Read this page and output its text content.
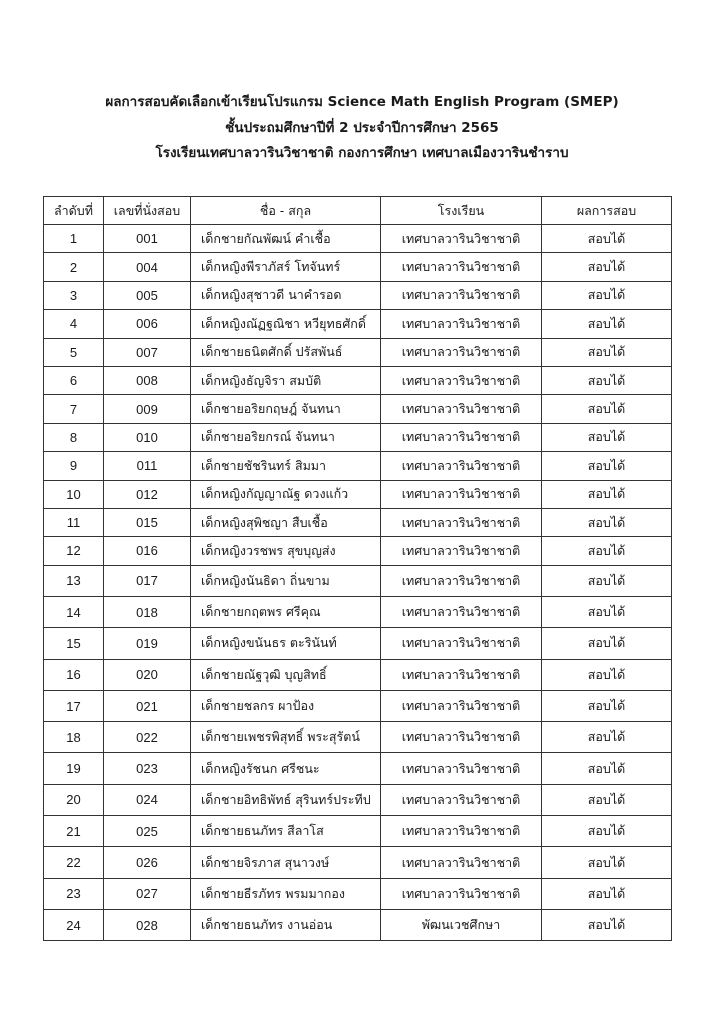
ผลการสอบคัดเลือกเข้าเรียนโปรแกรม Science Math English Program (SMEP)
ชั้นประถมศึกษาปีที่ 2 ประจำปีการศึกษา 2565
โรงเรียนเทศบาลวารินวิชาชาติ กองการศึกษา เทศบาลเมืองวารินชำราบ
ลำดับที่	เลขที่นั่งสอบ	ชื่อ - สกุล	โรงเรียน	ผลการสอบ
1	001	เด็กชายกัณพัฒน์ คำเชื้อ	เทศบาลวารินวิชาชาติ	สอบได้
2	004	เด็กหญิงพีราภัสร์ โทจันทร์	เทศบาลวารินวิชาชาติ	สอบได้
3	005	เด็กหญิงสุชาวดี นาคำรอด	เทศบาลวารินวิชาชาติ	สอบได้
4	006	เด็กหญิงณัฏฐณิชา หวียุทธศักดิ์	เทศบาลวารินวิชาชาติ	สอบได้
5	007	เด็กชายธนิตศักดิ์ ปรัสพันธ์	เทศบาลวารินวิชาชาติ	สอบได้
6	008	เด็กหญิงธัญจิรา สมบัติ	เทศบาลวารินวิชาชาติ	สอบได้
7	009	เด็กชายอริยกฤษฎ์ จันทนา	เทศบาลวารินวิชาชาติ	สอบได้
8	010	เด็กชายอริยกรณ์ จันทนา	เทศบาลวารินวิชาชาติ	สอบได้
9	011	เด็กชายชัชรินทร์ สิมมา	เทศบาลวารินวิชาชาติ	สอบได้
10	012	เด็กหญิงกัญญาณัฐ ดวงแก้ว	เทศบาลวารินวิชาชาติ	สอบได้
11	015	เด็กหญิงสุพิชญา สืบเชื้อ	เทศบาลวารินวิชาชาติ	สอบได้
12	016	เด็กหญิงวรชพร สุขบุญส่ง	เทศบาลวารินวิชาชาติ	สอบได้
13	017	เด็กหญิงนันธิดา ถิ่นขาม	เทศบาลวารินวิชาชาติ	สอบได้
14	018	เด็กชายกฤตพร ศรีคุณ	เทศบาลวารินวิชาชาติ	สอบได้
15	019	เด็กหญิงขนันธร ตะรินันท์	เทศบาลวารินวิชาชาติ	สอบได้
16	020	เด็กชายณัฐวุฒิ บุญสิทธิ์	เทศบาลวารินวิชาชาติ	สอบได้
17	021	เด็กชายชลกร ผาป้อง	เทศบาลวารินวิชาชาติ	สอบได้
18	022	เด็กชายเพชรพิสุทธิ์ พระสุรัตน์	เทศบาลวารินวิชาชาติ	สอบได้
19	023	เด็กหญิงรัชนก ศรีชนะ	เทศบาลวารินวิชาชาติ	สอบได้
20	024	เด็กชายอิทธิพัทธ์ สุรินทร์ประทีป	เทศบาลวารินวิชาชาติ	สอบได้
21	025	เด็กชายธนภัทร สีลาโส	เทศบาลวารินวิชาชาติ	สอบได้
22	026	เด็กชายจิรภาส สุนาวงษ์	เทศบาลวารินวิชาชาติ	สอบได้
23	027	เด็กชายธีรภัทร พรมมากอง	เทศบาลวารินวิชาชาติ	สอบได้
24	028	เด็กชายธนภัทร งานอ่อน	พัฒนเวชศึกษา	สอบได้
